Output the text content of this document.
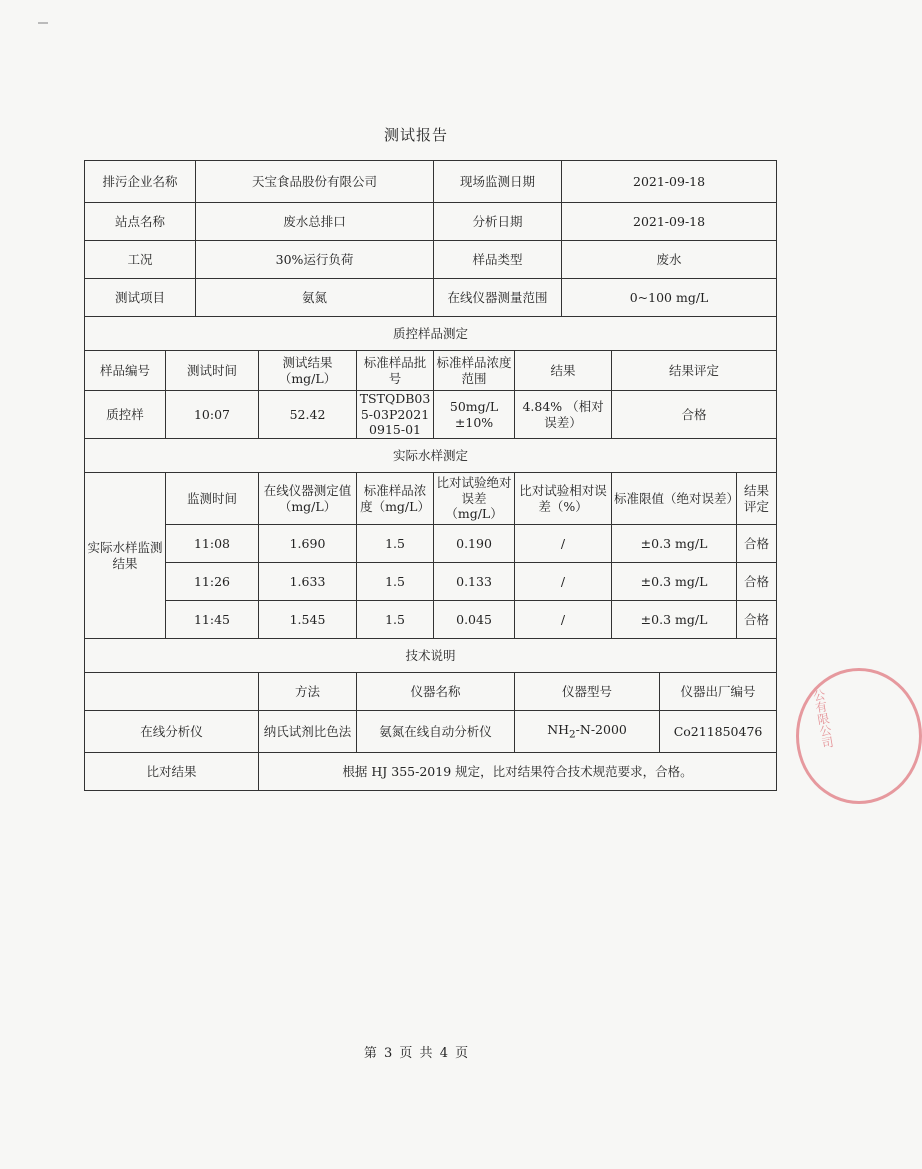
测试报告
排污企业名称		天宝食品股份有限公司			现场监测日期		2021-09-18			
站点名称		废水总排口			分析日期		2021-09-18			
工况		30%运行负荷			样品类型		废水			
测试项目		氨氮			在线仪器测量范围		0~100 mg/L			
质控样品测定										
样品编号	测试时间		测试结果（mg/L）	标准样品批号	标准样品浓度范围	结果		结果评定		
质控样	10:07		52.42	TSTQDB035-03P20210915-01	50mg/L ±10%	4.84% （相对误差）		合格		
实际水样测定										
实际水样监测结果	监测时间		在线仪器测定值（mg/L）	标准样品浓度（mg/L）	比对试验绝对误差（mg/L）	比对试验相对误差（%）		标准限值（绝对误差）		结果评定
	11:08		1.690	1.5	0.190	/		±0.3 mg/L		合格
	11:26		1.633	1.5	0.133	/		±0.3 mg/L		合格
	11:45		1.545	1.5	0.045	/		±0.3 mg/L		合格
技术说明										
			方法	仪器名称		仪器型号			仪器出厂编号	
在线分析仪			纳氏试剂比色法	氨氮在线自动分析仪		$NH_2-N-2000$			Co211850476	
比对结果			根据 HJ 355-2019 规定，比对结果符合技术规范要求，合格。							
公有限公司
第 3 页 共 4 页
